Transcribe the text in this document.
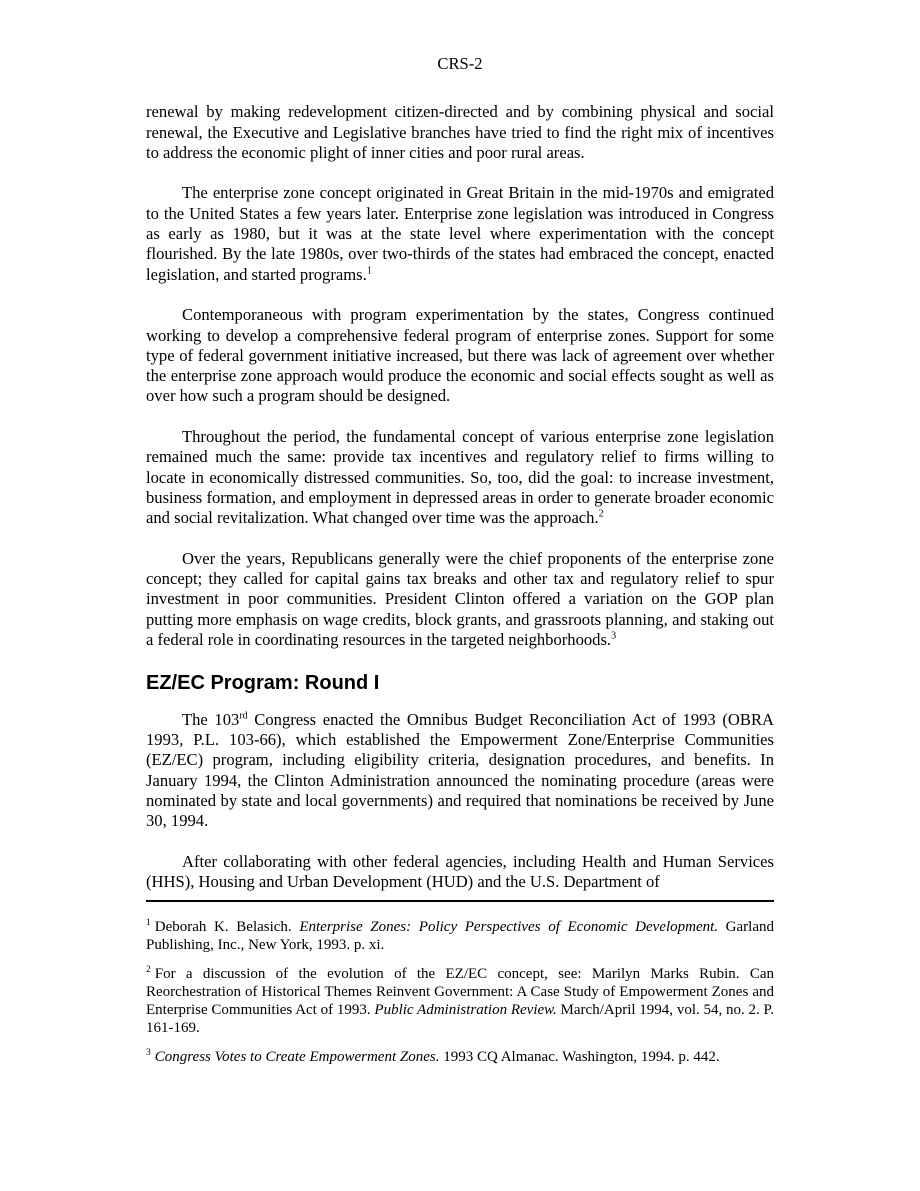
CRS-2

renewal by making redevelopment citizen-directed and by combining physical and social renewal, the Executive and Legislative branches have tried to find the right mix of incentives to address the economic plight of inner cities and poor rural areas.

The enterprise zone concept originated in Great Britain in the mid-1970s and emigrated to the United States a few years later. Enterprise zone legislation was introduced in Congress as early as 1980, but it was at the state level where experimentation with the concept flourished. By the late 1980s, over two-thirds of the states had embraced the concept, enacted legislation, and started programs.$^1$

Contemporaneous with program experimentation by the states, Congress continued working to develop a comprehensive federal program of enterprise zones. Support for some type of federal government initiative increased, but there was lack of agreement over whether the enterprise zone approach would produce the economic and social effects sought as well as over how such a program should be designed.

Throughout the period, the fundamental concept of various enterprise zone legislation remained much the same: provide tax incentives and regulatory relief to firms willing to locate in economically distressed communities. So, too, did the goal: to increase investment, business formation, and employment in depressed areas in order to generate broader economic and social revitalization. What changed over time was the approach.$^2$

Over the years, Republicans generally were the chief proponents of the enterprise zone concept; they called for capital gains tax breaks and other tax and regulatory relief to spur investment in poor communities. President Clinton offered a variation on the GOP plan putting more emphasis on wage credits, block grants, and grassroots planning, and staking out a federal role in coordinating resources in the targeted neighborhoods.$^3$

EZ/EC Program: Round I

The 103rd Congress enacted the Omnibus Budget Reconciliation Act of 1993 (OBRA 1993, P.L. 103-66), which established the Empowerment Zone/Enterprise Communities (EZ/EC) program, including eligibility criteria, designation procedures, and benefits. In January 1994, the Clinton Administration announced the nominating procedure (areas were nominated by state and local governments) and required that nominations be received by June 30, 1994.

After collaborating with other federal agencies, including Health and Human Services (HHS), Housing and Urban Development (HUD) and the U.S. Department of

$^1$ Deborah K. Belasich. Enterprise Zones: Policy Perspectives of Economic Development. Garland Publishing, Inc., New York, 1993. p. xi.
$^2$ For a discussion of the evolution of the EZ/EC concept, see: Marilyn Marks Rubin. Can Reorchestration of Historical Themes Reinvent Government: A Case Study of Empowerment Zones and Enterprise Communities Act of 1993. Public Administration Review. March/April 1994, vol. 54, no. 2. P. 161-169.
$^3$ Congress Votes to Create Empowerment Zones. 1993 CQ Almanac. Washington, 1994. p. 442.
